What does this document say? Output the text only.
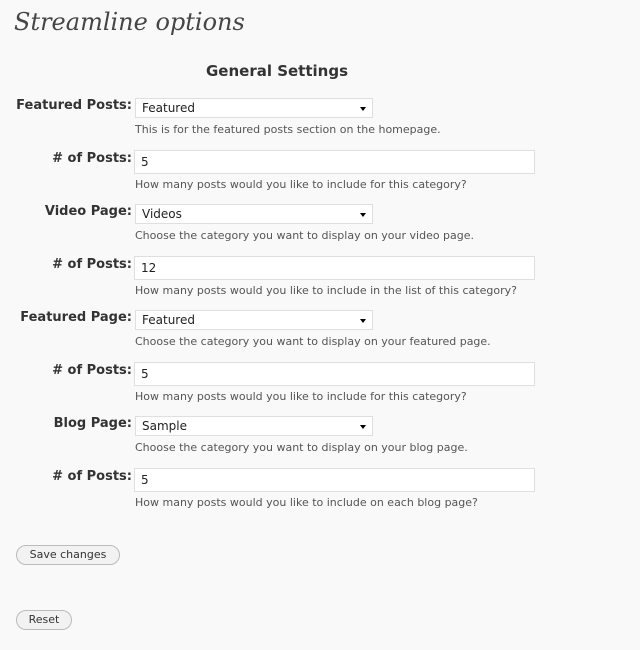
Streamline options
General Settings
Featured Posts: Featured
This is for the featured posts section on the homepage.
# of Posts: 5
How many posts would you like to include for this category?
Video Page: Videos
Choose the category you want to display on your video page.
# of Posts: 12
How many posts would you like to include in the list of this category?
Featured Page: Featured
Choose the category you want to display on your featured page.
# of Posts: 5
How many posts would you like to include for this category?
Blog Page: Sample
Choose the category you want to display on your blog page.
# of Posts: 5
How many posts would you like to include on each blog page?
Save changes
Reset
